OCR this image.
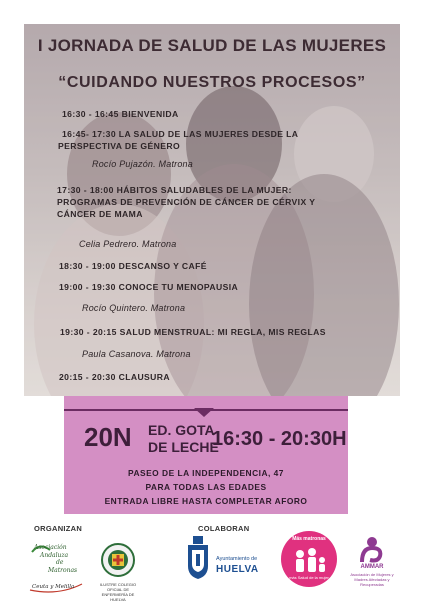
I JORNADA DE SALUD DE LAS MUJERES
“CUIDANDO NUESTROS PROCESOS”
16:30 - 16:45 BIENVENIDA
16:45- 17:30 LA SALUD DE LAS MUJERES DESDE LA
PERSPECTIVA DE GÉNERO
Rocío Pujazón. Matrona
17:30 - 18:00 HÁBITOS SALUDABLES DE LA MUJER:
PROGRAMAS DE PREVENCIÓN DE CÁNCER DE CÉRVIX Y
CÁNCER DE MAMA
Celia Pedrero. Matrona
18:30 - 19:00 DESCANSO Y CAFÉ
19:00 - 19:30 CONOCE TU MENOPAUSIA
Rocío Quintero. Matrona
19:30 - 20:15 SALUD MENSTRUAL: MI REGLA, MIS REGLAS
Paula Casanova. Matrona
20:15 - 20:30 CLAUSURA
20N ED. GOTA
DE LECHE
16:30 - 20:30H
PASEO DE LA INDEPENDENCIA, 47
PARA TODAS LAS EDADES
ENTRADA LIBRE HASTA COMPLETAR AFORO
ORGANIZAN	COLABORAN
Asociación
Andaluza
de
Matronas
Ceuta y Melilla	ILUSTRE COLEGIO OFICIAL DE ENFERMERÍA DE HUELVA
Ayuntamiento de
HUELVA
Más matronas
más Salud de la mujer
AMMAR
Asociación de Mujeres y Madres Afectadas y Recuperadas
